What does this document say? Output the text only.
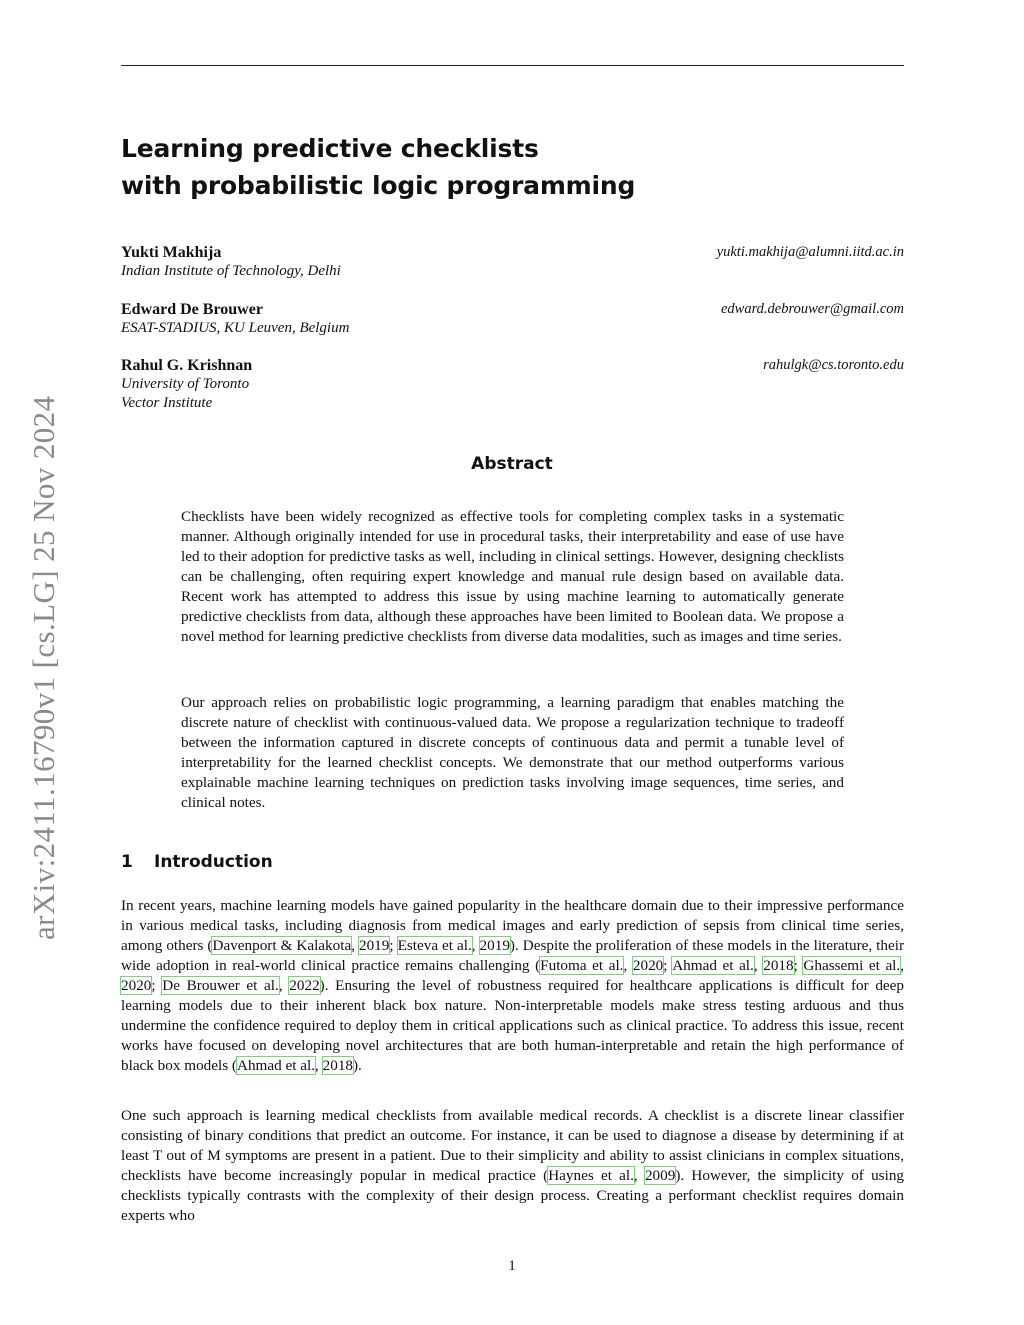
arXiv:2411.16790v1 [cs.LG] 25 Nov 2024
Learning predictive checklists
with probabilistic logic programming
Yukti Makhija
Indian Institute of Technology, Delhi
yukti.makhija@alumni.iitd.ac.in
Edward De Brouwer
ESAT-STADIUS, KU Leuven, Belgium
edward.debrouwer@gmail.com
Rahul G. Krishnan
University of Toronto
Vector Institute
rahulgk@cs.toronto.edu
Abstract
Checklists have been widely recognized as effective tools for completing complex tasks in a systematic manner. Although originally intended for use in procedural tasks, their interpretability and ease of use have led to their adoption for predictive tasks as well, including in clinical settings. However, designing checklists can be challenging, often requiring expert knowledge and manual rule design based on available data. Recent work has attempted to address this issue by using machine learning to automatically generate predictive checklists from data, although these approaches have been limited to Boolean data. We propose a novel method for learning predictive checklists from diverse data modalities, such as images and time series.
Our approach relies on probabilistic logic programming, a learning paradigm that enables matching the discrete nature of checklist with continuous-valued data. We propose a regularization technique to tradeoff between the information captured in discrete concepts of continuous data and permit a tunable level of interpretability for the learned checklist concepts. We demonstrate that our method outperforms various explainable machine learning techniques on prediction tasks involving image sequences, time series, and clinical notes.
1 Introduction
In recent years, machine learning models have gained popularity in the healthcare domain due to their impressive performance in various medical tasks, including diagnosis from medical images and early prediction of sepsis from clinical time series, among others (Davenport & Kalakota, 2019; Esteva et al., 2019). Despite the proliferation of these models in the literature, their wide adoption in real-world clinical practice remains challenging (Futoma et al., 2020; Ahmad et al., 2018; Ghassemi et al., 2020; De Brouwer et al., 2022). Ensuring the level of robustness required for healthcare applications is difficult for deep learning models due to their inherent black box nature. Non-interpretable models make stress testing arduous and thus undermine the confidence required to deploy them in critical applications such as clinical practice. To address this issue, recent works have focused on developing novel architectures that are both human-interpretable and retain the high performance of black box models (Ahmad et al., 2018).
One such approach is learning medical checklists from available medical records. A checklist is a discrete linear classifier consisting of binary conditions that predict an outcome. For instance, it can be used to diagnose a disease by determining if at least T out of M symptoms are present in a patient. Due to their simplicity and ability to assist clinicians in complex situations, checklists have become increasingly popular in medical practice (Haynes et al., 2009). However, the simplicity of using checklists typically contrasts with the complexity of their design process. Creating a performant checklist requires domain experts who
1
